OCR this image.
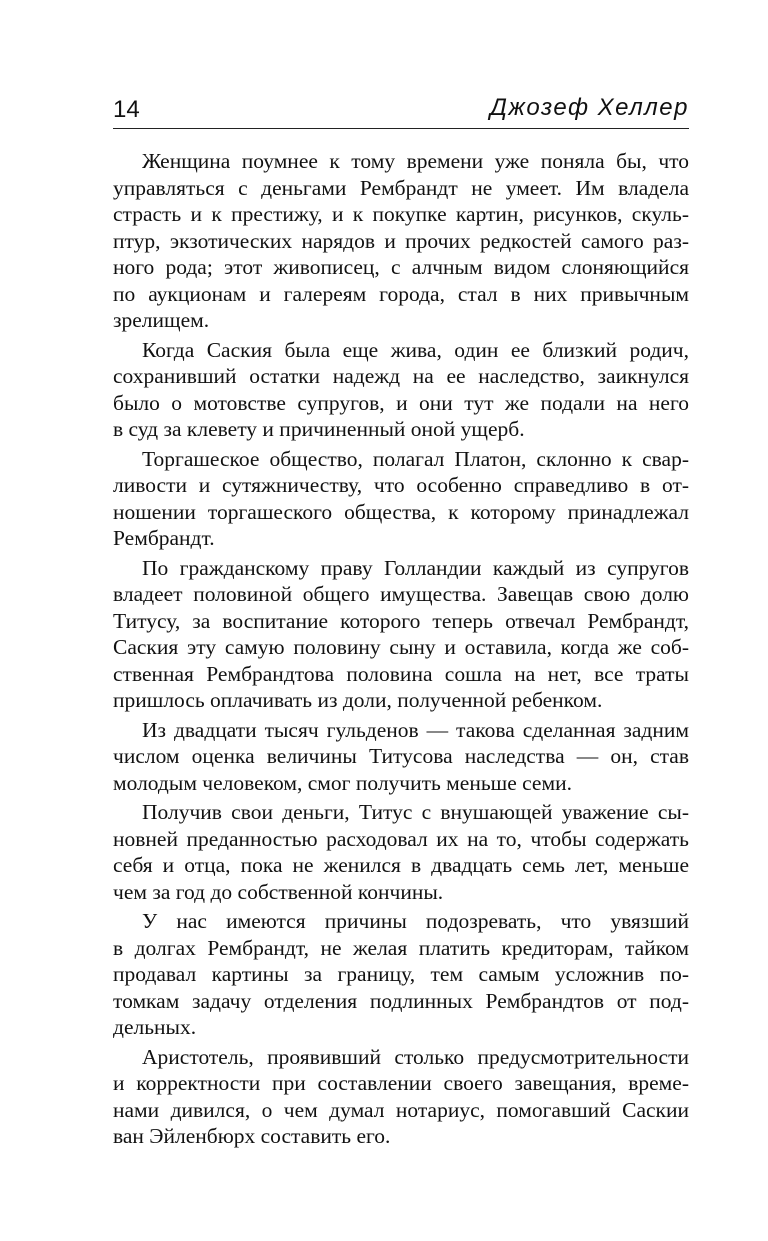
14	Джозеф Хеллер
Женщина поумнее к тому времени уже поняла бы, что
управляться с деньгами Рембрандт не умеет. Им владела
страсть и к престижу, и к покупке картин, рисунков, скуль-
птур, экзотических нарядов и прочих редкостей самого раз-
ного рода; этот живописец, с алчным видом слоняющийся
по аукционам и галереям города, стал в них привычным
зрелищем.
Когда Саския была еще жива, один ее близкий родич,
сохранивший остатки надежд на ее наследство, заикнулся
было о мотовстве супругов, и они тут же подали на него
в суд за клевету и причиненный оной ущерб.
Торгашеское общество, полагал Платон, склонно к свар-
ливости и сутяжничеству, что особенно справедливо в от-
ношении торгашеского общества, к которому принадлежал
Рембрандт.
По гражданскому праву Голландии каждый из супругов
владеет половиной общего имущества. Завещав свою долю
Титусу, за воспитание которого теперь отвечал Рембрандт,
Саския эту самую половину сыну и оставила, когда же соб-
ственная Рембрандтова половина сошла на нет, все траты
пришлось оплачивать из доли, полученной ребенком.
Из двадцати тысяч гульденов — такова сделанная задним
числом оценка величины Титусова наследства — он, став
молодым человеком, смог получить меньше семи.
Получив свои деньги, Титус с внушающей уважение сы-
новней преданностью расходовал их на то, чтобы содержать
себя и отца, пока не женился в двадцать семь лет, меньше
чем за год до собственной кончины.
У нас имеются причины подозревать, что увязший
в долгах Рембрандт, не желая платить кредиторам, тайком
продавал картины за границу, тем самым усложнив по-
томкам задачу отделения подлинных Рембрандтов от под-
дельных.
Аристотель, проявивший столько предусмотрительности
и корректности при составлении своего завещания, време-
нами дивился, о чем думал нотариус, помогавший Саскии
ван Эйленбюрх составить его.
